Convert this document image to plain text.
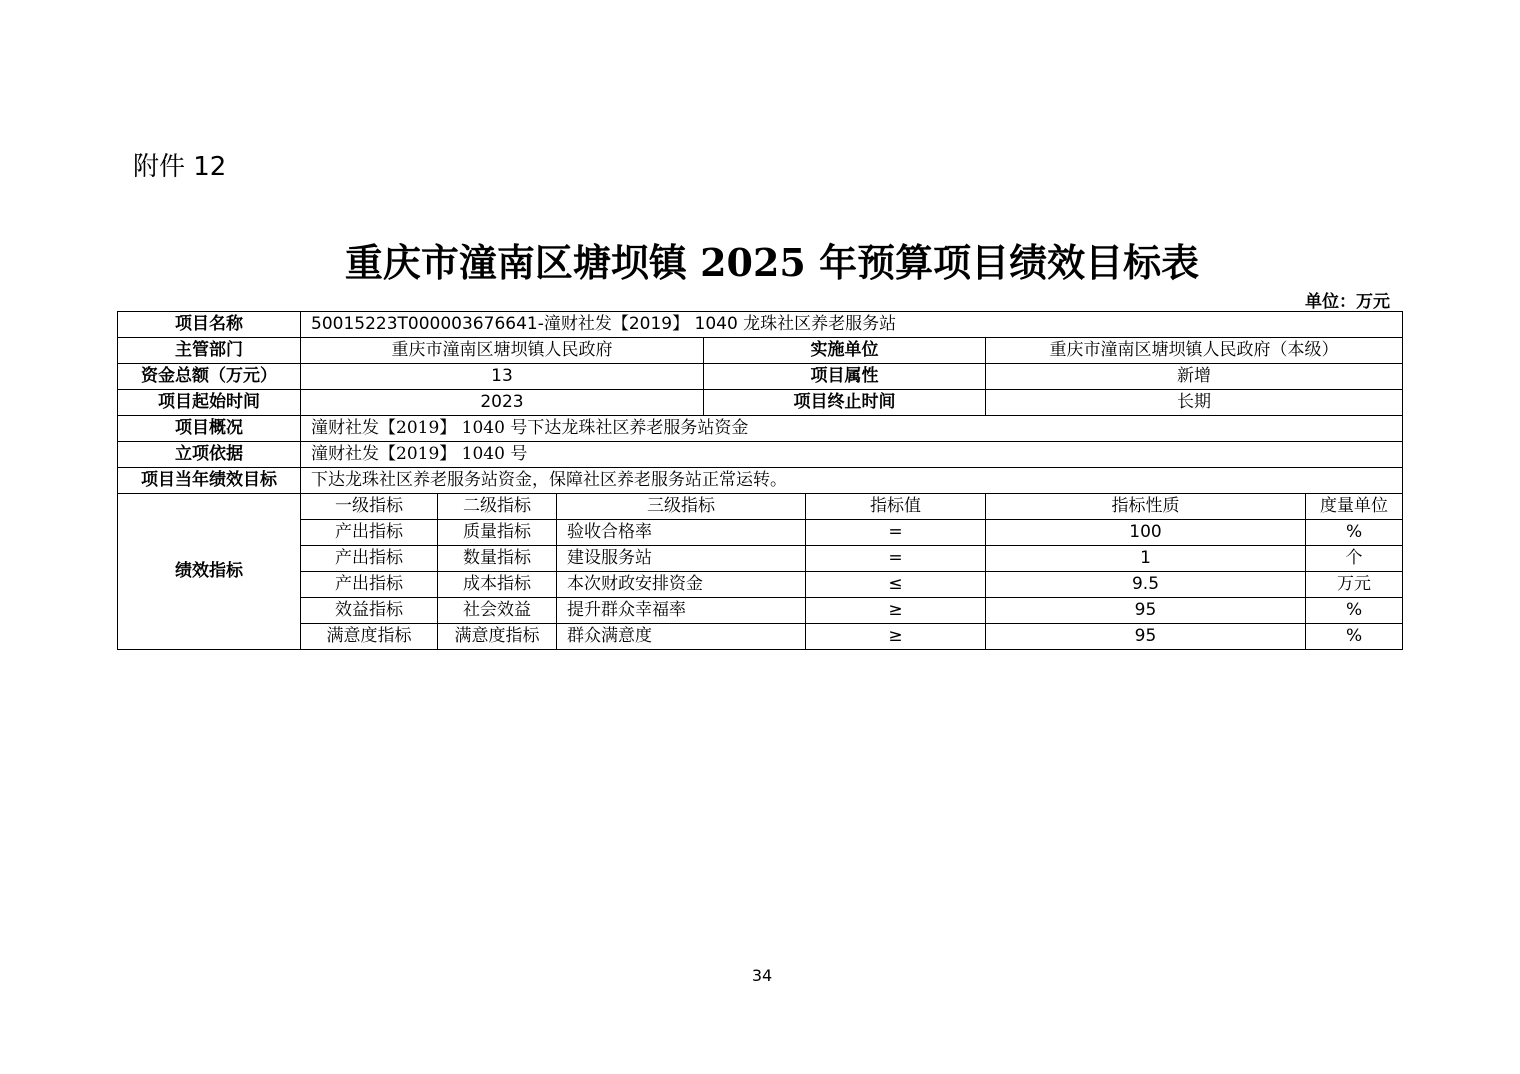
附件 12
重庆市潼南区塘坝镇 2025 年预算项目绩效目标表
单位：万元
项目名称	50015223T000003676641-潼财社发【2019】 1040 龙珠社区养老服务站						
主管部门	重庆市潼南区塘坝镇人民政府			实施单位		重庆市潼南区塘坝镇人民政府（本级）	
资金总额（万元）	13			项目属性		新增	
项目起始时间	2023			项目终止时间		长期	
项目概况	潼财社发【2019】 1040 号下达龙珠社区养老服务站资金						
立项依据	潼财社发【2019】 1040 号						
项目当年绩效目标	下达龙珠社区养老服务站资金，保障社区养老服务站正常运转。						
绩效指标	一级指标	二级指标	三级指标		指标值	指标性质	度量单位
	产出指标	质量指标	验收合格率		=	100	%
	产出指标	数量指标	建设服务站		=	1	个
	产出指标	成本指标	本次财政安排资金		≤	9.5	万元
	效益指标	社会效益	提升群众幸福率		≥	95	%
	满意度指标	满意度指标	群众满意度		≥	95	%
34
